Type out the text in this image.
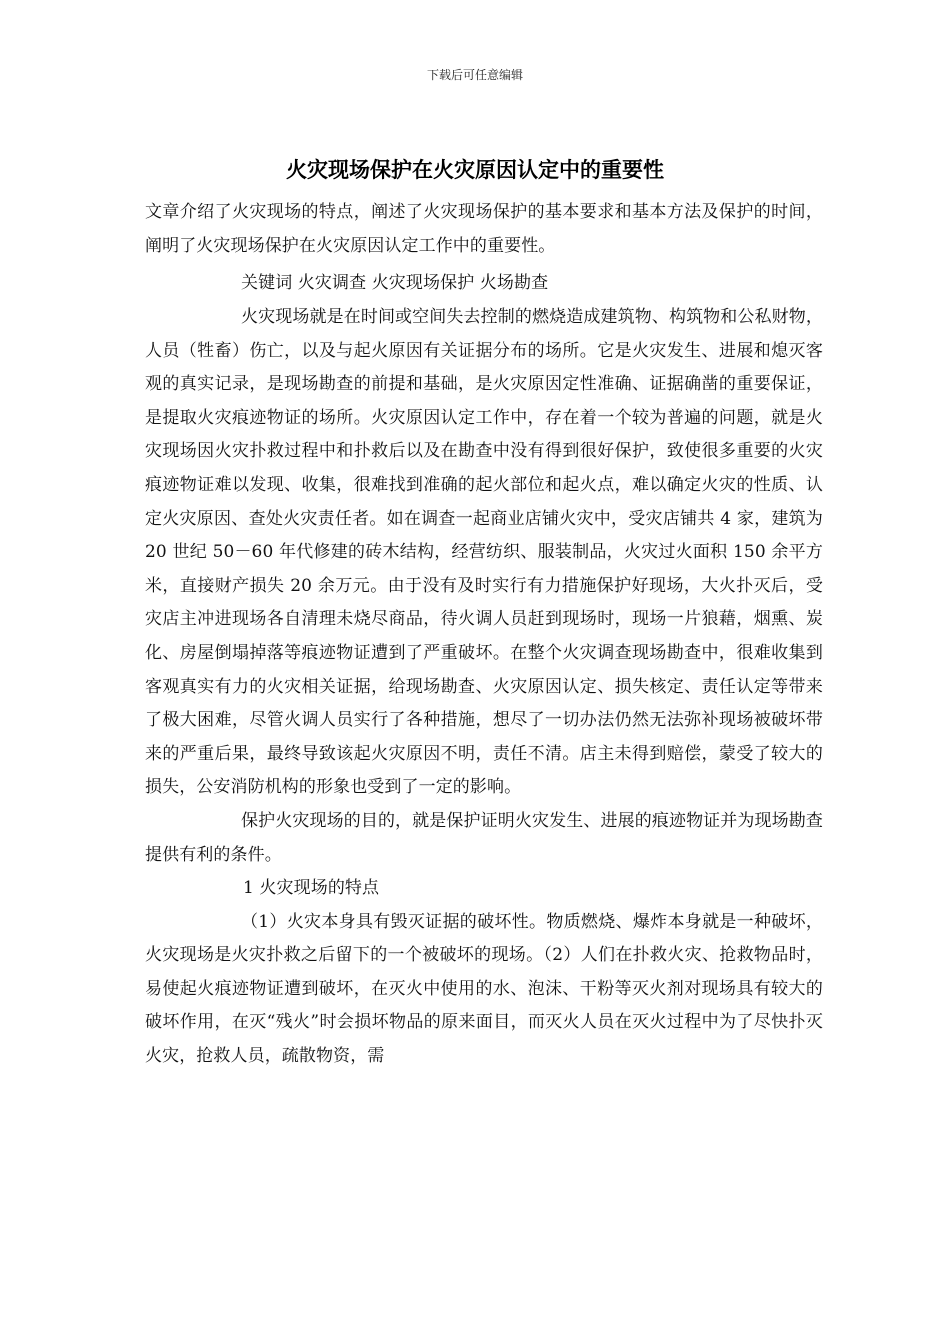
下载后可任意编辑
火灾现场保护在火灾原因认定中的重要性

文章介绍了火灾现场的特点，阐述了火灾现场保护的基本要求和基本方法及保护的时间，阐明了火灾现场保护在火灾原因认定工作中的重要性。

关键词 火灾调查 火灾现场保护 火场勘查

火灾现场就是在时间或空间失去控制的燃烧造成建筑物、构筑物和公私财物，人员（牲畜）伤亡，以及与起火原因有关证据分布的场所。它是火灾发生、进展和熄灭客观的真实记录，是现场勘查的前提和基础，是火灾原因定性准确、证据确凿的重要保证，是提取火灾痕迹物证的场所。火灾原因认定工作中，存在着一个较为普遍的问题，就是火灾现场因火灾扑救过程中和扑救后以及在勘查中没有得到很好保护，致使很多重要的火灾痕迹物证难以发现、收集，很难找到准确的起火部位和起火点，难以确定火灾的性质、认定火灾原因、查处火灾责任者。如在调查一起商业店铺火灾中，受灾店铺共 4 家，建筑为 20 世纪 50－60 年代修建的砖木结构，经营纺织、服装制品，火灾过火面积 150 余平方米，直接财产损失 20 余万元。由于没有及时实行有力措施保护好现场，大火扑灭后，受灾店主冲进现场各自清理未烧尽商品，待火调人员赶到现场时，现场一片狼藉，烟熏、炭化、房屋倒塌掉落等痕迹物证遭到了严重破坏。在整个火灾调查现场勘查中，很难收集到客观真实有力的火灾相关证据，给现场勘查、火灾原因认定、损失核定、责任认定等带来了极大困难，尽管火调人员实行了各种措施，想尽了一切办法仍然无法弥补现场被破坏带来的严重后果，最终导致该起火灾原因不明，责任不清。店主未得到赔偿，蒙受了较大的损失，公安消防机构的形象也受到了一定的影响。

保护火灾现场的目的，就是保护证明火灾发生、进展的痕迹物证并为现场勘查提供有利的条件。

1 火灾现场的特点

（1）火灾本身具有毁灭证据的破坏性。物质燃烧、爆炸本身就是一种破坏，火灾现场是火灾扑救之后留下的一个被破坏的现场。（2）人们在扑救火灾、抢救物品时，易使起火痕迹物证遭到破坏，在灭火中使用的水、泡沫、干粉等灭火剂对现场具有较大的破坏作用，在灭“残火”时会损坏物品的原来面目，而灭火人员在灭火过程中为了尽快扑灭火灾，抢救人员，疏散物资，需
